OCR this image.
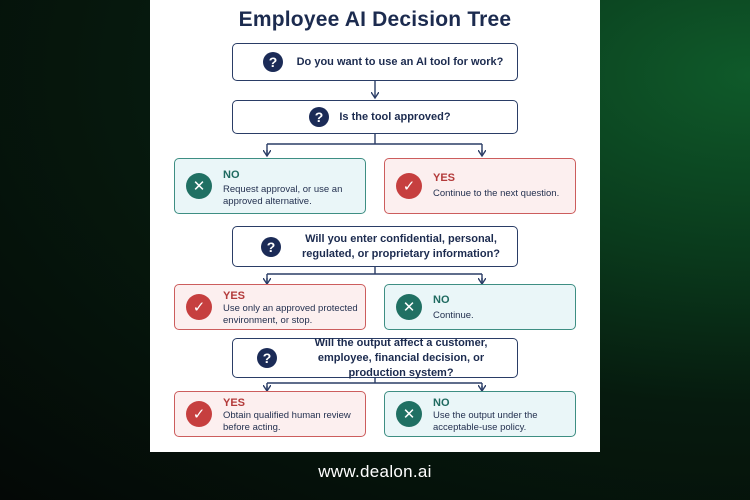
Employee AI Decision Tree
?	Do you want to use an AI tool for work?
?	Is the tool approved?
✕
NO
Request approval, or use an approved alternative.
✓	YES
Continue to the next question.
?	Will you enter confidential, personal, regulated, or proprietary information?
✓
YES
Use only an approved protected environment, or stop.
✕	NO
Continue.
?
Will the output affect a customer, employee, financial decision, or production system?
✓
YES
Obtain qualified human review before acting.
✕
NO
Use the output under the acceptable-use policy.
www.dealon.ai
